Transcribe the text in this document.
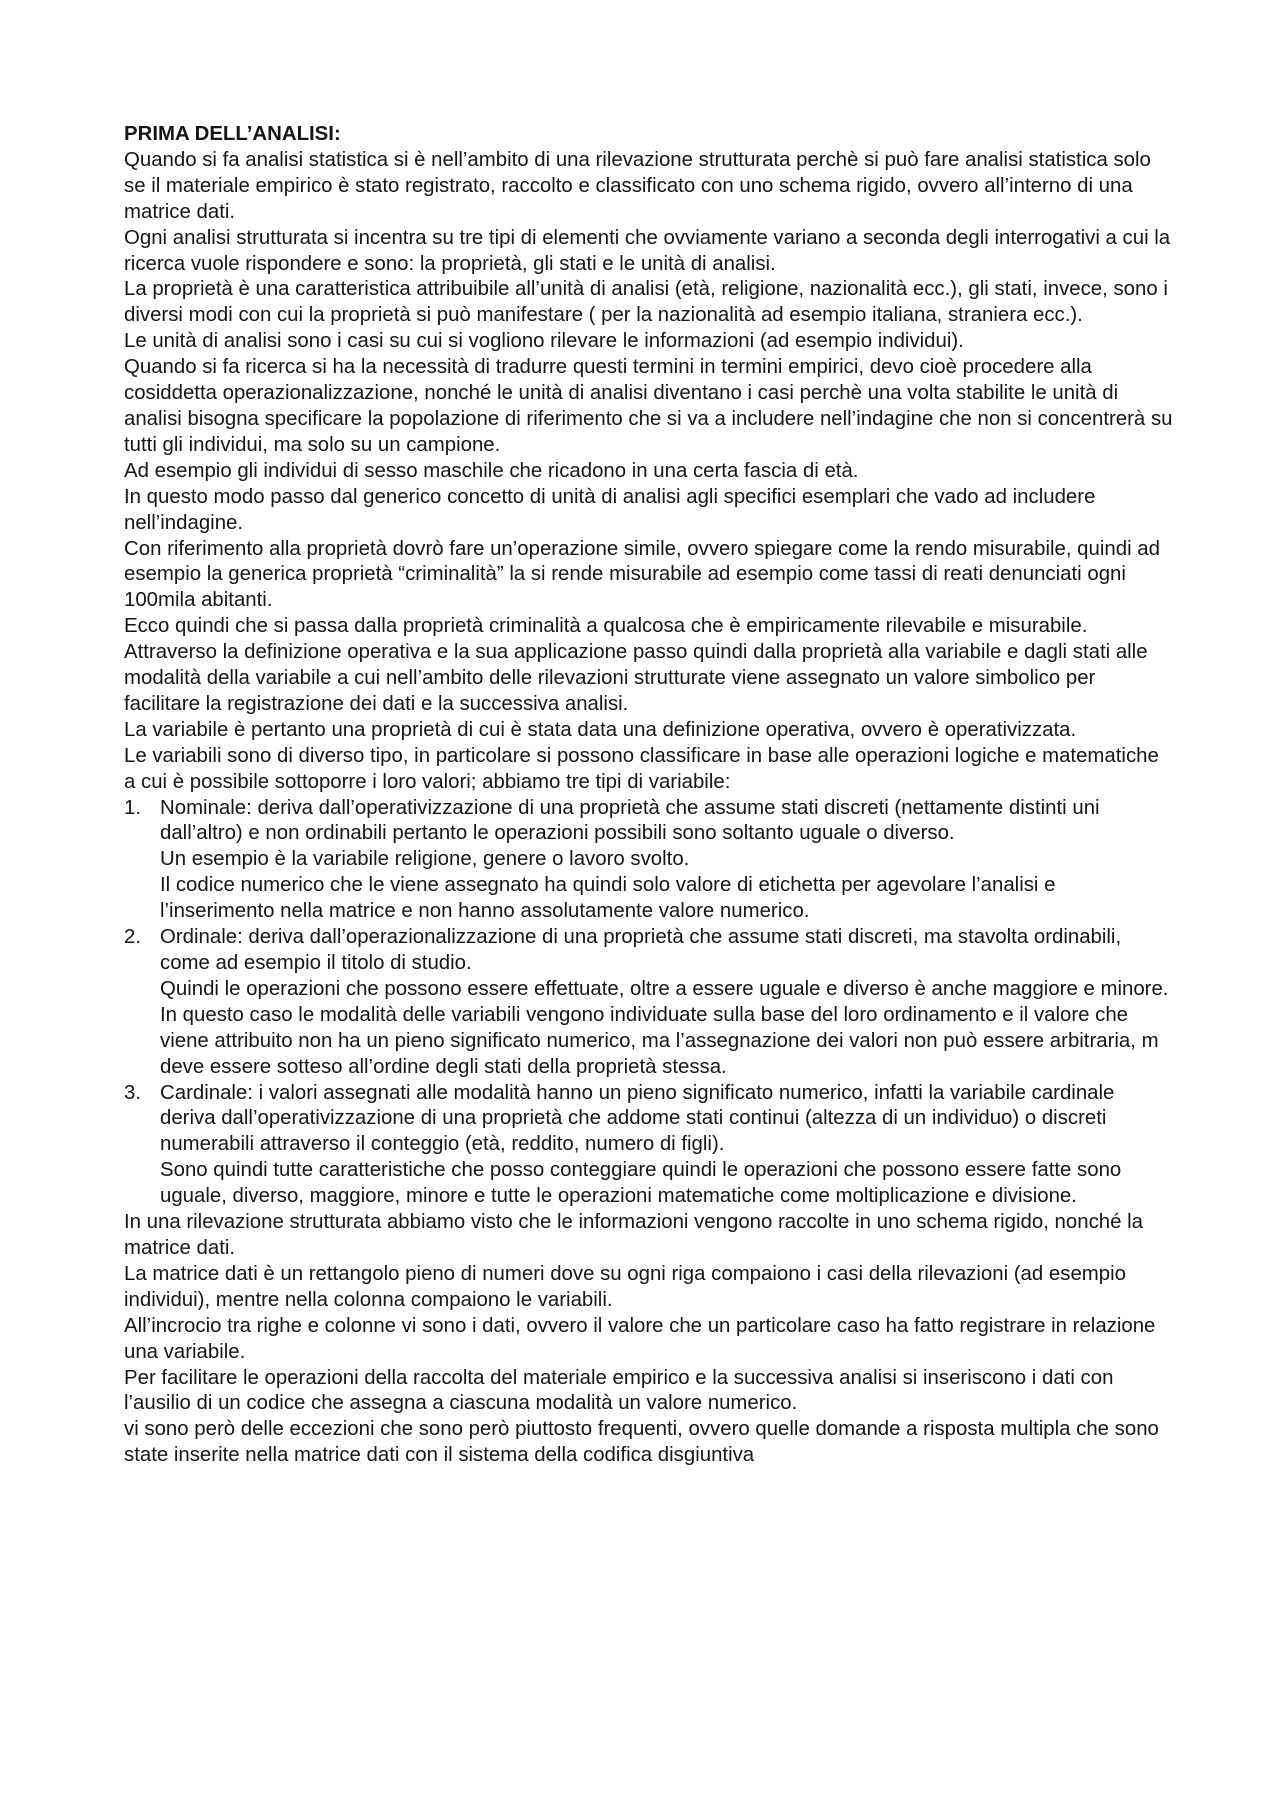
PRIMA DELL’ANALISI:

Quando si fa analisi statistica si è nell’ambito di una rilevazione strutturata perchè si può fare analisi statistica solo se il materiale empirico è stato registrato, raccolto e classificato con uno schema rigido, ovvero all’interno di una matrice dati.

Ogni analisi strutturata si incentra su tre tipi di elementi che ovviamente variano a seconda degli interrogativi a cui la ricerca vuole rispondere e sono: la proprietà, gli stati e le unità di analisi.

La proprietà è una caratteristica attribuibile all’unità di analisi (età, religione, nazionalità ecc.), gli stati, invece, sono i diversi modi con cui la proprietà si può manifestare ( per la nazionalità ad esempio italiana, straniera ecc.).

Le unità di analisi sono i casi su cui si vogliono rilevare le informazioni (ad esempio individui).

Quando si fa ricerca si ha la necessità di tradurre questi termini in termini empirici, devo cioè procedere alla cosiddetta operazionalizzazione, nonché le unità di analisi diventano i casi perchè una volta stabilite le unità di analisi bisogna specificare la popolazione di riferimento che si va a includere nell’indagine che non si concentrerà su tutti gli individui, ma solo su un campione.

Ad esempio gli individui di sesso maschile che ricadono in una certa fascia di età.

In questo modo passo dal generico concetto di unità di analisi agli specifici esemplari che vado ad includere nell’indagine.

Con riferimento alla proprietà dovrò fare un’operazione simile, ovvero spiegare come la rendo misurabile, quindi ad esempio la generica proprietà “criminalità” la si rende misurabile ad esempio come tassi di reati denunciati ogni 100mila abitanti.

Ecco quindi che si passa dalla proprietà criminalità a qualcosa che è empiricamente rilevabile e misurabile.

Attraverso la definizione operativa e la sua applicazione passo quindi dalla proprietà alla variabile e dagli stati alle modalità della variabile a cui nell’ambito delle rilevazioni strutturate viene assegnato un valore simbolico per facilitare la registrazione dei dati e la successiva analisi.

La variabile è pertanto una proprietà di cui è stata data una definizione operativa, ovvero è operativizzata.

Le variabili sono di diverso tipo, in particolare si possono classificare in base alle operazioni logiche e matematiche a cui è possibile sottoporre i loro valori; abbiamo tre tipi di variabile:

1. Nominale: deriva dall’operativizzazione di una proprietà che assume stati discreti (nettamente distinti uni dall’altro) e non ordinabili pertanto le operazioni possibili sono soltanto uguale o diverso.
Un esempio è la variabile religione, genere o lavoro svolto.
Il codice numerico che le viene assegnato ha quindi solo valore di etichetta per agevolare l’analisi e l’inserimento nella matrice e non hanno assolutamente valore numerico.
2. Ordinale: deriva dall’operazionalizzazione di una proprietà che assume stati discreti, ma stavolta ordinabili, come ad esempio il titolo di studio.
Quindi le operazioni che possono essere effettuate, oltre a essere uguale e diverso è anche maggiore e minore.
In questo caso le modalità delle variabili vengono individuate sulla base del loro ordinamento e il valore che viene attribuito non ha un pieno significato numerico, ma l’assegnazione dei valori non può essere arbitraria, m deve essere sotteso all’ordine degli stati della proprietà stessa.
3. Cardinale: i valori assegnati alle modalità hanno un pieno significato numerico, infatti la variabile cardinale deriva dall’operativizzazione di una proprietà che addome stati continui (altezza di un individuo) o discreti numerabili attraverso il conteggio (età, reddito, numero di figli).
Sono quindi tutte caratteristiche che posso conteggiare quindi le operazioni che possono essere fatte sono uguale, diverso, maggiore, minore e tutte le operazioni matematiche come moltiplicazione e divisione.

In una rilevazione strutturata abbiamo visto che le informazioni vengono raccolte in uno schema rigido, nonché la matrice dati.

La matrice dati è un rettangolo pieno di numeri dove su ogni riga compaiono i casi della rilevazioni (ad esempio individui), mentre nella colonna compaiono le variabili.

All’incrocio tra righe e colonne vi sono i dati, ovvero il valore che un particolare caso ha fatto registrare in relazione una variabile.

Per facilitare le operazioni della raccolta del materiale empirico e la successiva analisi si inseriscono i dati con l’ausilio di un codice che assegna a ciascuna modalità un valore numerico.

vi sono però delle eccezioni che sono però piuttosto frequenti, ovvero quelle domande a risposta multipla che sono state inserite nella matrice dati con il sistema della codifica disgiuntiva
